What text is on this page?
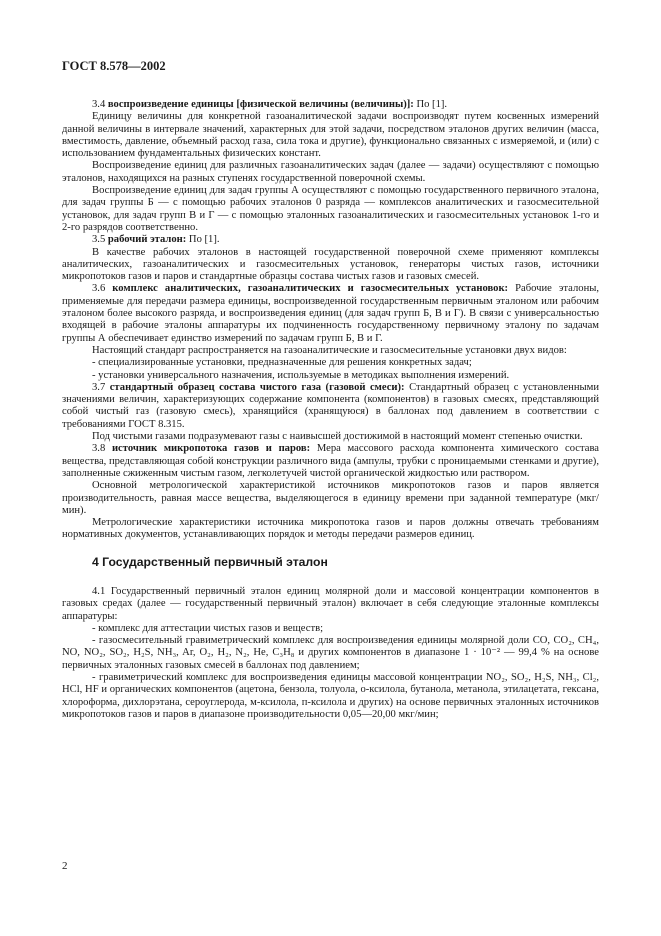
ГОСТ 8.578—2002

3.4 воспроизведение единицы [физической величины (величины)]: По [1].

Единицу величины для конкретной газоаналитической задачи воспроизводят путем косвенных измерений данной величины в интервале значений, характерных для этой задачи, посредством эталонов других величин (масса, вместимость, давление, объемный расход газа, сила тока и другие), функционально связанных с измеряемой, и (или) с использованием фундаментальных физических констант.

Воспроизведение единиц для различных газоаналитических задач (далее — задачи) осуществляют с помощью эталонов, находящихся на разных ступенях государственной поверочной схемы.

Воспроизведение единиц для задач группы А осуществляют с помощью государственного первичного эталона, для задач группы Б — с помощью рабочих эталонов 0 разряда — комплексов аналитических и газосмесительной установок, для задач групп В и Г — с помощью эталонных газоаналитических и газосмесительных установок 1-го и 2-го разрядов соответственно.

3.5 рабочий эталон: По [1].

В качестве рабочих эталонов в настоящей государственной поверочной схеме применяют комплексы аналитических, газоаналитических и газосмесительных установок, генераторы чистых газов, источники микропотоков газов и паров и стандартные образцы состава чистых газов и газовых смесей.

3.6 комплекс аналитических, газоаналитических и газосмесительных установок: Рабочие эталоны, применяемые для передачи размера единицы, воспроизведенной государственным первичным эталоном или рабочим эталоном более высокого разряда, и воспроизведения единиц (для задач групп Б, В и Г). В связи с универсальностью входящей в рабочие эталоны аппаратуры их подчиненность государственному первичному эталону по задачам группы А обеспечивает единство измерений по задачам групп Б, В и Г.

Настоящий стандарт распространяется на газоаналитические и газосмесительные установки двух видов:

- специализированные установки, предназначенные для решения конкретных задач;

- установки универсального назначения, используемые в методиках выполнения измерений.

3.7 стандартный образец состава чистого газа (газовой смеси): Стандартный образец с установленными значениями величин, характеризующих содержание компонента (компонентов) в газовых смесях, представляющий собой чистый газ (газовую смесь), хранящийся (хранящуюся) в баллонах под давлением в соответствии с требованиями ГОСТ 8.315.

Под чистыми газами подразумевают газы с наивысшей достижимой в настоящий момент степенью очистки.

3.8 источник микропотока газов и паров: Мера массового расхода компонента химического состава вещества, представляющая собой конструкции различного вида (ампулы, трубки с проницаемыми стенками и другие), заполненные сжиженным чистым газом, легколетучей чистой органической жидкостью или раствором.

Основной метрологической характеристикой источников микропотоков газов и паров является производительность, равная массе вещества, выделяющегося в единицу времени при заданной температуре (мкг/мин).

Метрологические характеристики источника микропотока газов и паров должны отвечать требованиям нормативных документов, устанавливающих порядок и методы передачи размеров единиц.

4 Государственный первичный эталон

4.1 Государственный первичный эталон единиц молярной доли и массовой концентрации компонентов в газовых средах (далее — государственный первичный эталон) включает в себя следующие эталонные комплексы аппаратуры:

- комплекс для аттестации чистых газов и веществ;

- газосмесительный гравиметрический комплекс для воспроизведения единицы молярной доли CO, CO₂, CH₄, NO, NO₂, SO₂, H₂S, NH₃, Ar, O₂, H₂, N₂, He, C₃H₈ и других компонентов в диапазоне 1 · 10⁻² — 99,4 % на основе первичных эталонных газовых смесей в баллонах под давлением;

- гравиметрический комплекс для воспроизведения единицы массовой концентрации NO₂, SO₂, H₂S, NH₃, Cl₂, HCl, HF и органических компонентов (ацетона, бензола, толуола, о-ксилола, бутанола, метанола, этилацетата, гексана, хлороформа, дихлорэтана, сероуглерода, м-ксилола, п-ксилола и других) на основе первичных эталонных источников микропотоков газов и паров в диапазоне производительности 0,05—20,00 мкг/мин;

2
